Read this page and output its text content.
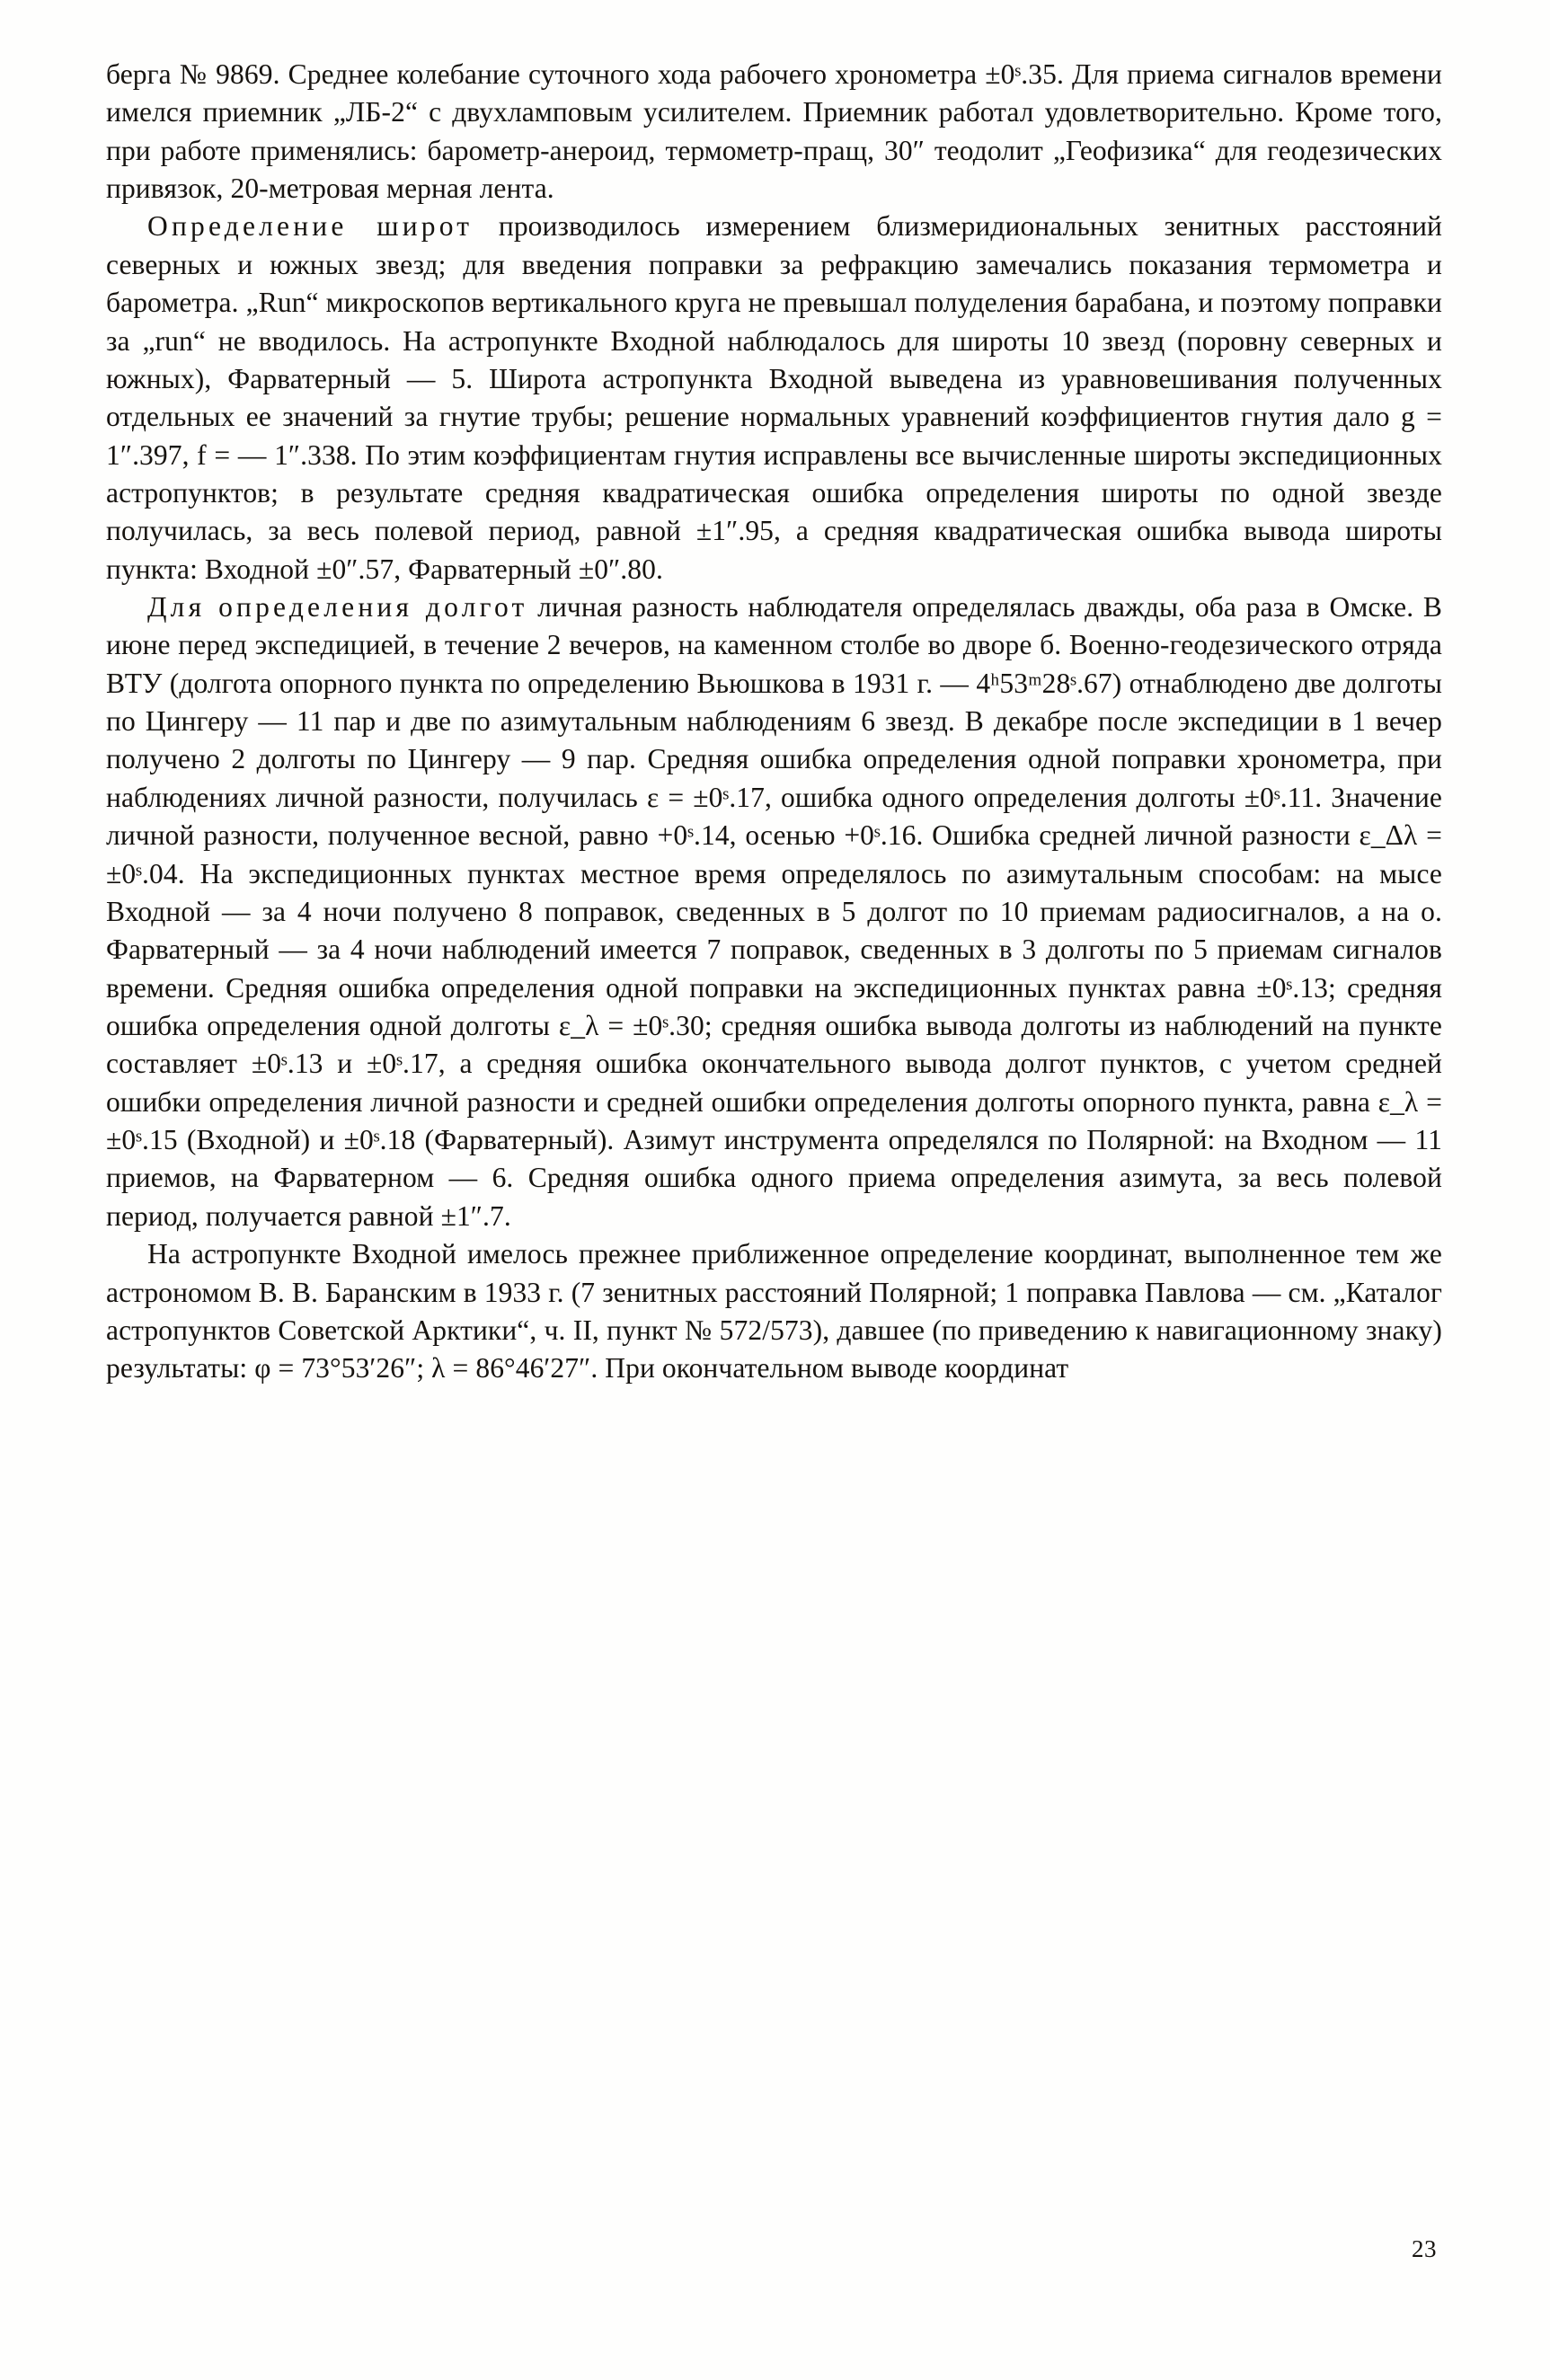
берга № 9869. Среднее колебание суточного хода рабочего хронометра ±0ˢ.35. Для приема сигналов времени имелся приемник „ЛБ-2“ с двухламповым усилителем. Приемник работал удовлетворительно. Кроме того, при работе применялись: барометр-анероид, термометр-пращ, 30″ теодолит „Геофизика“ для геодезических привязок, 20-метровая мерная лента.

Определение широт производилось измерением близмеридиональных зенитных расстояний северных и южных звезд; для введения поправки за рефракцию замечались показания термометра и барометра. „Run“ микроскопов вертикального круга не превышал полуделения барабана, и поэтому поправки за „run“ не вводилось. На астропункте Входной наблюдалось для широты 10 звезд (поровну северных и южных), Фарватерный — 5. Широта астропункта Входной выведена из уравновешивания полученных отдельных ее значений за гнутие трубы; решение нормальных уравнений коэффициентов гнутия дало g = 1″.397, f = — 1″.338. По этим коэффициентам гнутия исправлены все вычисленные широты экспедиционных астропунктов; в результате средняя квадратическая ошибка определения широты по одной звезде получилась, за весь полевой период, равной ±1″.95, а средняя квадратическая ошибка вывода широты пункта: Входной ±0″.57, Фарватерный ±0″.80.

Для определения долгот личная разность наблюдателя определялась дважды, оба раза в Омске. В июне перед экспедицией, в течение 2 вечеров, на каменном столбе во дворе б. Военно-геодезического отряда ВТУ (долгота опорного пункта по определению Вьюшкова в 1931 г. — 4ʰ53ᵐ28ˢ.67) отнаблюдено две долготы по Цингеру — 11 пар и две по азимутальным наблюдениям 6 звезд. В декабре после экспедиции в 1 вечер получено 2 долготы по Цингеру — 9 пар. Средняя ошибка определения одной поправки хронометра, при наблюдениях личной разности, получилась ε = ±0ˢ.17, ошибка одного определения долготы ±0ˢ.11. Значение личной разности, полученное весной, равно +0ˢ.14, осенью +0ˢ.16. Ошибка средней личной разности ε_Δλ = ±0ˢ.04. На экспедиционных пунктах местное время определялось по азимутальным способам: на мысе Входной — за 4 ночи получено 8 поправок, сведенных в 5 долгот по 10 приемам радиосигналов, а на о. Фарватерный — за 4 ночи наблюдений имеется 7 поправок, сведенных в 3 долготы по 5 приемам сигналов времени. Средняя ошибка определения одной поправки на экспедиционных пунктах равна ±0ˢ.13; средняя ошибка определения одной долготы ε_λ = ±0ˢ.30; средняя ошибка вывода долготы из наблюдений на пункте составляет ±0ˢ.13 и ±0ˢ.17, а средняя ошибка окончательного вывода долгот пунктов, с учетом средней ошибки определения личной разности и средней ошибки определения долготы опорного пункта, равна ε_λ = ±0ˢ.15 (Входной) и ±0ˢ.18 (Фарватерный). Азимут инструмента определялся по Полярной: на Входном — 11 приемов, на Фарватерном — 6. Средняя ошибка одного приема определения азимута, за весь полевой период, получается равной ±1″.7.

На астропункте Входной имелось прежнее приближенное определение координат, выполненное тем же астрономом В. В. Баранским в 1933 г. (7 зенитных расстояний Полярной; 1 поправка Павлова — см. „Каталог астропунктов Советской Арктики“, ч. II, пункт № 572/573), давшее (по приведению к навигационному знаку) результаты: φ = 73°53′26″; λ = 86°46′27″. При окончательном выводе координат

23
